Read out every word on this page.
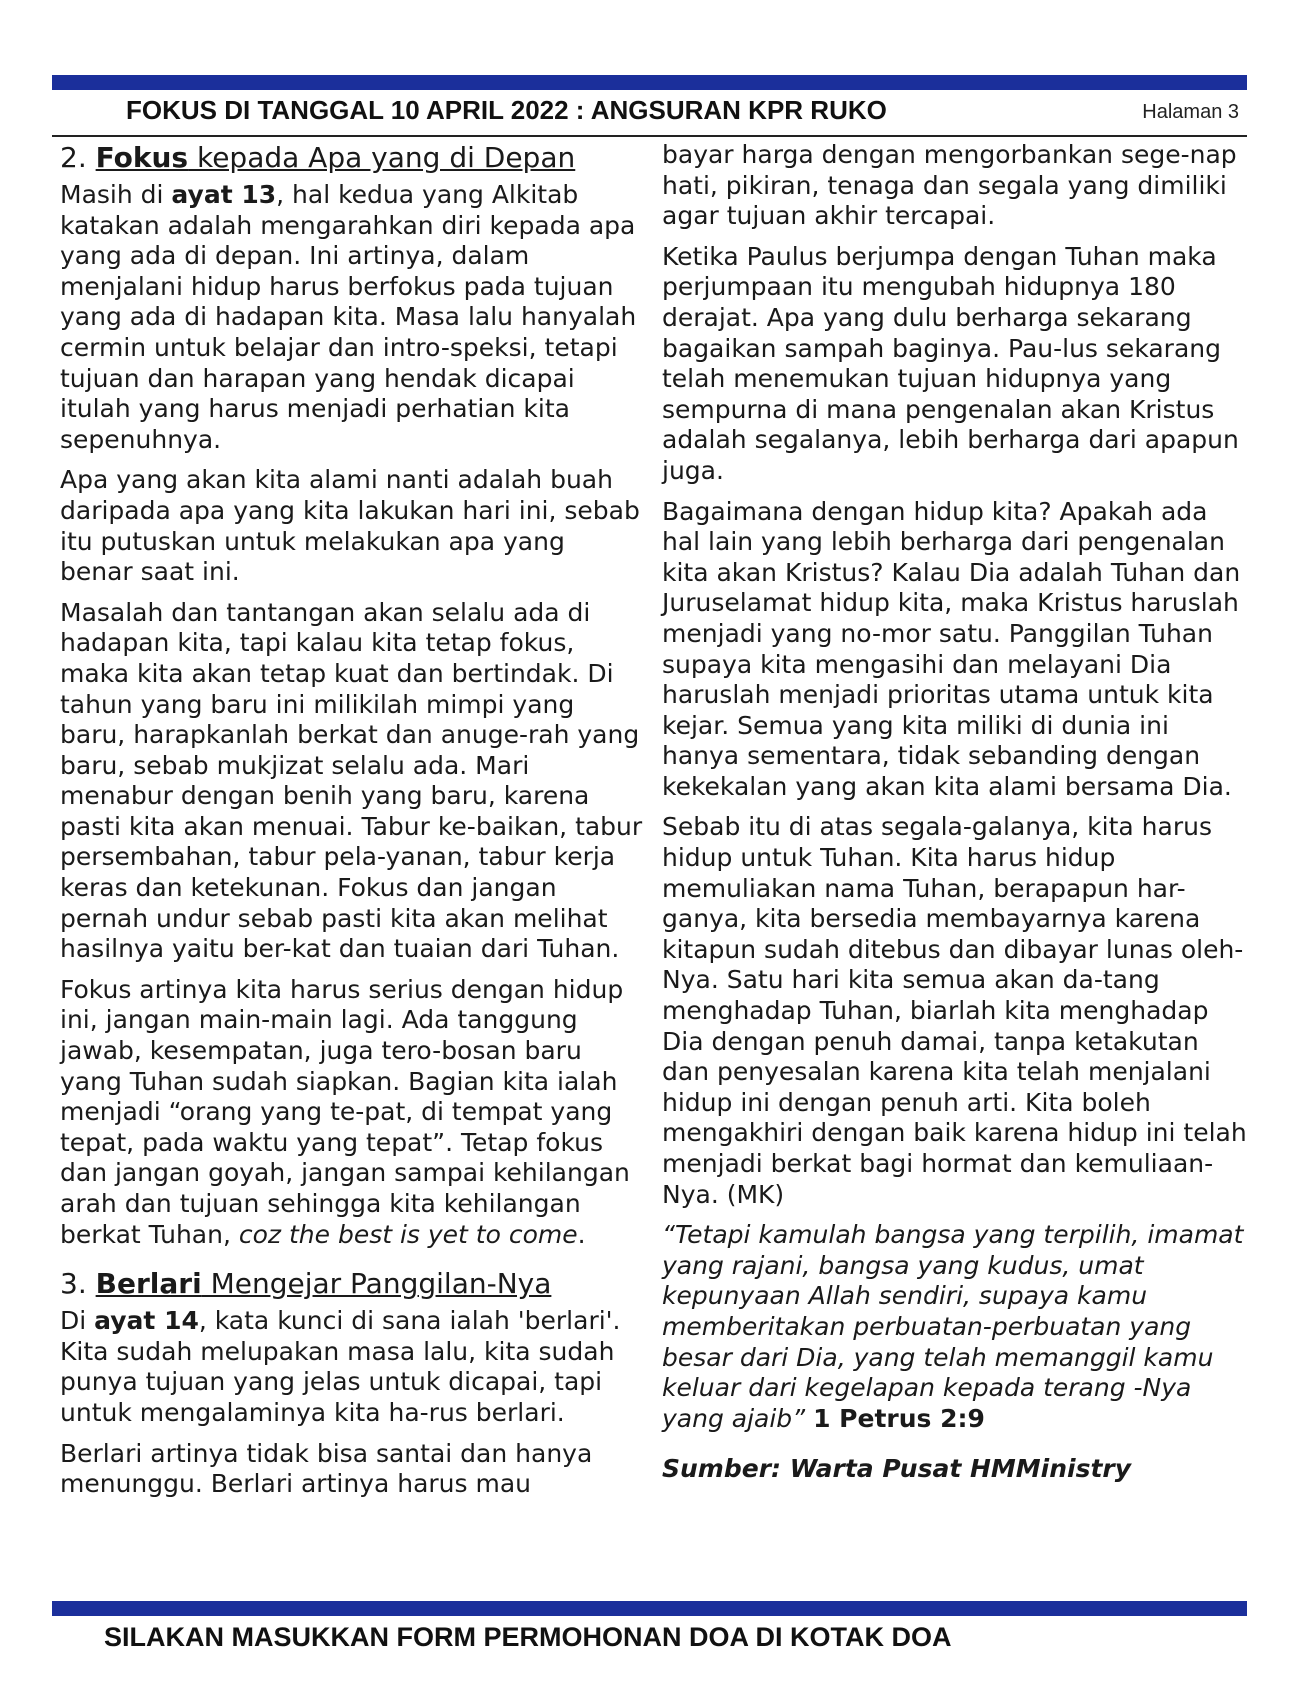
FOKUS DI TANGGAL 10 APRIL 2022 : ANGSURAN KPR RUKO	Halaman 3
2. Fokus kepada Apa yang di Depan

Masih di ayat 13, hal kedua yang Alkitab katakan adalah mengarahkan diri kepada apa yang ada di depan. Ini artinya, dalam menjalani hidup harus berfokus pada tujuan yang ada di hadapan kita. Masa lalu hanyalah cermin untuk belajar dan intro-speksi, tetapi tujuan dan harapan yang hendak dicapai itulah yang harus menjadi perhatian kita sepenuhnya.

Apa yang akan kita alami nanti adalah buah daripada apa yang kita lakukan hari ini, sebab itu putuskan untuk melakukan apa yang benar saat ini.

Masalah dan tantangan akan selalu ada di hadapan kita, tapi kalau kita tetap fokus, maka kita akan tetap kuat dan bertindak. Di tahun yang baru ini milikilah mimpi yang baru, harapkanlah berkat dan anuge-rah yang baru, sebab mukjizat selalu ada. Mari menabur dengan benih yang baru, karena pasti kita akan menuai. Tabur ke-baikan, tabur persembahan, tabur pela-yanan, tabur kerja keras dan ketekunan. Fokus dan jangan pernah undur sebab pasti kita akan melihat hasilnya yaitu ber-kat dan tuaian dari Tuhan.

Fokus artinya kita harus serius dengan hidup ini, jangan main-main lagi. Ada tanggung jawab, kesempatan, juga tero-bosan baru yang Tuhan sudah siapkan. Bagian kita ialah menjadi “orang yang te-pat, di tempat yang tepat, pada waktu yang tepat”. Tetap fokus dan jangan goyah, jangan sampai kehilangan arah dan tujuan sehingga kita kehilangan berkat Tuhan, coz the best is yet to come.

3. Berlari Mengejar Panggilan-Nya

Di ayat 14, kata kunci di sana ialah 'berlari'. Kita sudah melupakan masa lalu, kita sudah punya tujuan yang jelas untuk dicapai, tapi untuk mengalaminya kita ha-rus berlari.

Berlari artinya tidak bisa santai dan hanya menunggu. Berlari artinya harus mau

bayar harga dengan mengorbankan sege-nap hati, pikiran, tenaga dan segala yang dimiliki agar tujuan akhir tercapai.

Ketika Paulus berjumpa dengan Tuhan maka perjumpaan itu mengubah hidupnya 180 derajat. Apa yang dulu berharga sekarang bagaikan sampah baginya. Pau-lus sekarang telah menemukan tujuan hidupnya yang sempurna di mana pengenalan akan Kristus adalah segalanya, lebih berharga dari apapun juga.

Bagaimana dengan hidup kita? Apakah ada hal lain yang lebih berharga dari pengenalan kita akan Kristus? Kalau Dia adalah Tuhan dan Juruselamat hidup kita, maka Kristus haruslah menjadi yang no-mor satu. Panggilan Tuhan supaya kita mengasihi dan melayani Dia haruslah menjadi prioritas utama untuk kita kejar. Semua yang kita miliki di dunia ini hanya sementara, tidak sebanding dengan kekekalan yang akan kita alami bersama Dia.

Sebab itu di atas segala-galanya, kita harus hidup untuk Tuhan. Kita harus hidup memuliakan nama Tuhan, berapapun har-ganya, kita bersedia membayarnya karena kitapun sudah ditebus dan dibayar lunas oleh-Nya. Satu hari kita semua akan da-tang menghadap Tuhan, biarlah kita menghadap Dia dengan penuh damai, tanpa ketakutan dan penyesalan karena kita telah menjalani hidup ini dengan penuh arti. Kita boleh mengakhiri dengan baik karena hidup ini telah menjadi berkat bagi hormat dan kemuliaan-Nya. (MK)

“Tetapi kamulah bangsa yang terpilih, imamat yang rajani, bangsa yang kudus, umat kepunyaan Allah sendiri, supaya kamu memberitakan perbuatan-perbuatan yang besar dari Dia, yang telah memanggil kamu keluar dari kegelapan kepada terang -Nya yang ajaib” 1 Petrus 2:9

Sumber: Warta Pusat HMMinistry

SILAKAN MASUKKAN FORM PERMOHONAN DOA DI KOTAK DOA
